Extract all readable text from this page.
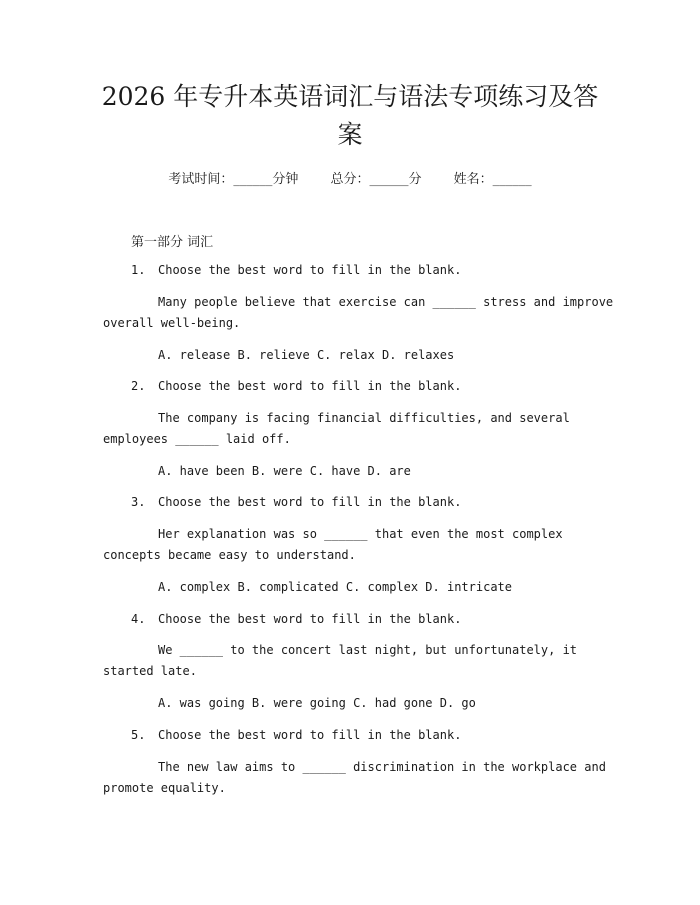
2026 年专升本英语词汇与语法专项练习及答
案
考试时间：______分钟 总分：______分 姓名：______
第一部分 词汇
1. Choose the best word to fill in the blank.
Many people believe that exercise can ______ stress and improve
overall well-being.
A. release B. relieve C. relax D. relaxes
2. Choose the best word to fill in the blank.
The company is facing financial difficulties, and several
employees ______ laid off.
A. have been B. were C. have D. are
3. Choose the best word to fill in the blank.
Her explanation was so ______ that even the most complex
concepts became easy to understand.
A. complex B. complicated C. complex D. intricate
4. Choose the best word to fill in the blank.
We ______ to the concert last night, but unfortunately, it
started late.
A. was going B. were going C. had gone D. go
5. Choose the best word to fill in the blank.
The new law aims to ______ discrimination in the workplace and
promote equality.
